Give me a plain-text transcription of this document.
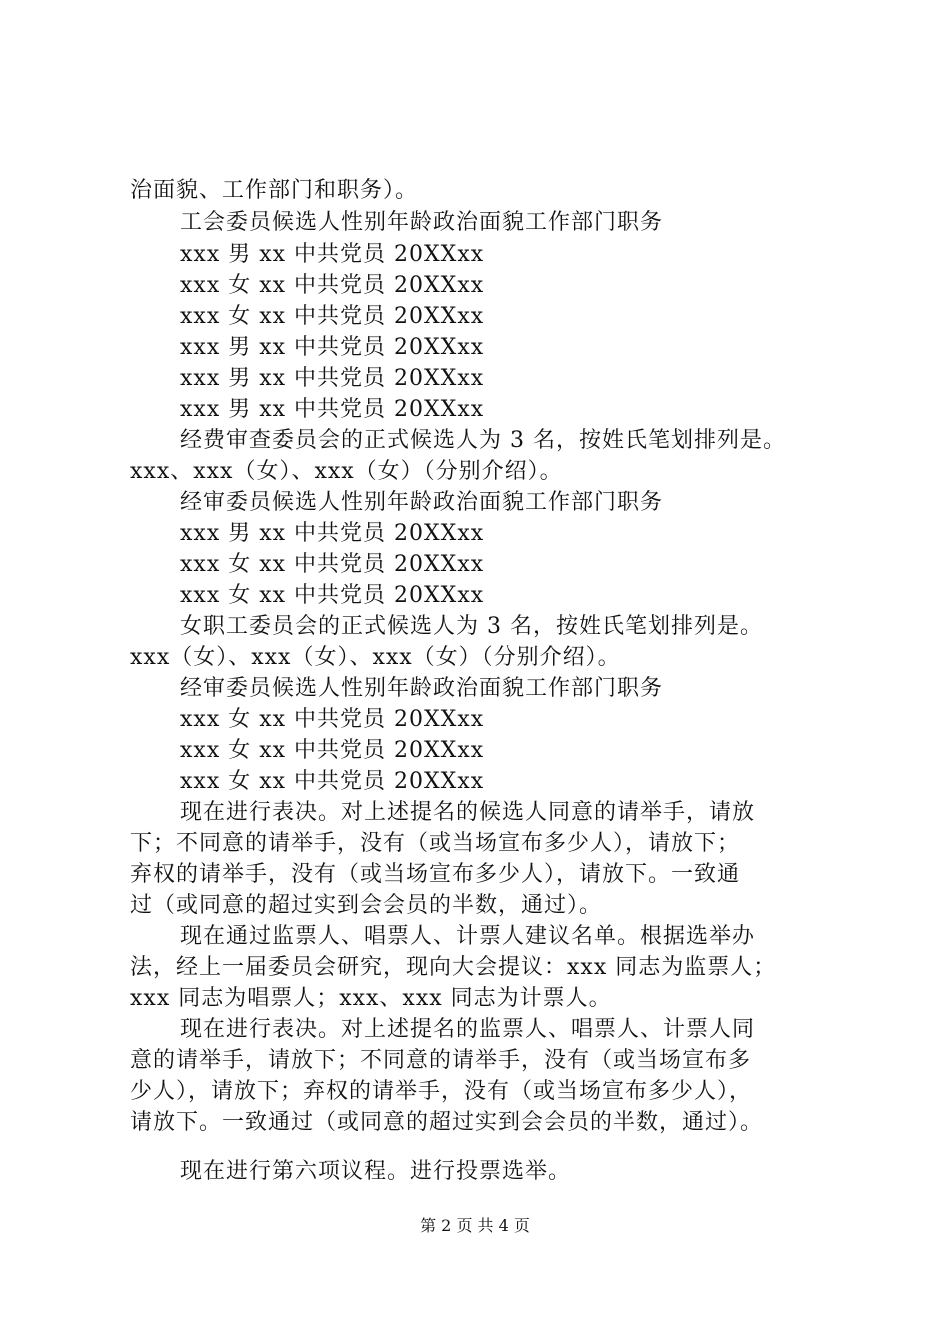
治面貌、工作部门和职务）。
工会委员候选人性别年龄政治面貌工作部门职务
xxx 男 xx 中共党员 20XXxx
xxx 女 xx 中共党员 20XXxx
xxx 女 xx 中共党员 20XXxx
xxx 男 xx 中共党员 20XXxx
xxx 男 xx 中共党员 20XXxx
xxx 男 xx 中共党员 20XXxx
经费审查委员会的正式候选人为 3 名，按姓氏笔划排列是。
xxx、xxx（女）、xxx（女）（分别介绍）。
经审委员候选人性别年龄政治面貌工作部门职务
xxx 男 xx 中共党员 20XXxx
xxx 女 xx 中共党员 20XXxx
xxx 女 xx 中共党员 20XXxx
女职工委员会的正式候选人为 3 名，按姓氏笔划排列是。
xxx（女）、xxx（女）、xxx（女）（分别介绍）。
经审委员候选人性别年龄政治面貌工作部门职务
xxx 女 xx 中共党员 20XXxx
xxx 女 xx 中共党员 20XXxx
xxx 女 xx 中共党员 20XXxx
现在进行表决。对上述提名的候选人同意的请举手，请放
下；不同意的请举手，没有（或当场宣布多少人），请放下；
弃权的请举手，没有（或当场宣布多少人），请放下。一致通
过（或同意的超过实到会会员的半数，通过）。
现在通过监票人、唱票人、计票人建议名单。根据选举办
法，经上一届委员会研究，现向大会提议：xxx 同志为监票人；
xxx 同志为唱票人；xxx、xxx 同志为计票人。
现在进行表决。对上述提名的监票人、唱票人、计票人同
意的请举手，请放下；不同意的请举手，没有（或当场宣布多
少人），请放下；弃权的请举手，没有（或当场宣布多少人），
请放下。一致通过（或同意的超过实到会会员的半数，通过）。
现在进行第六项议程。进行投票选举。
第 2 页 共 4 页
